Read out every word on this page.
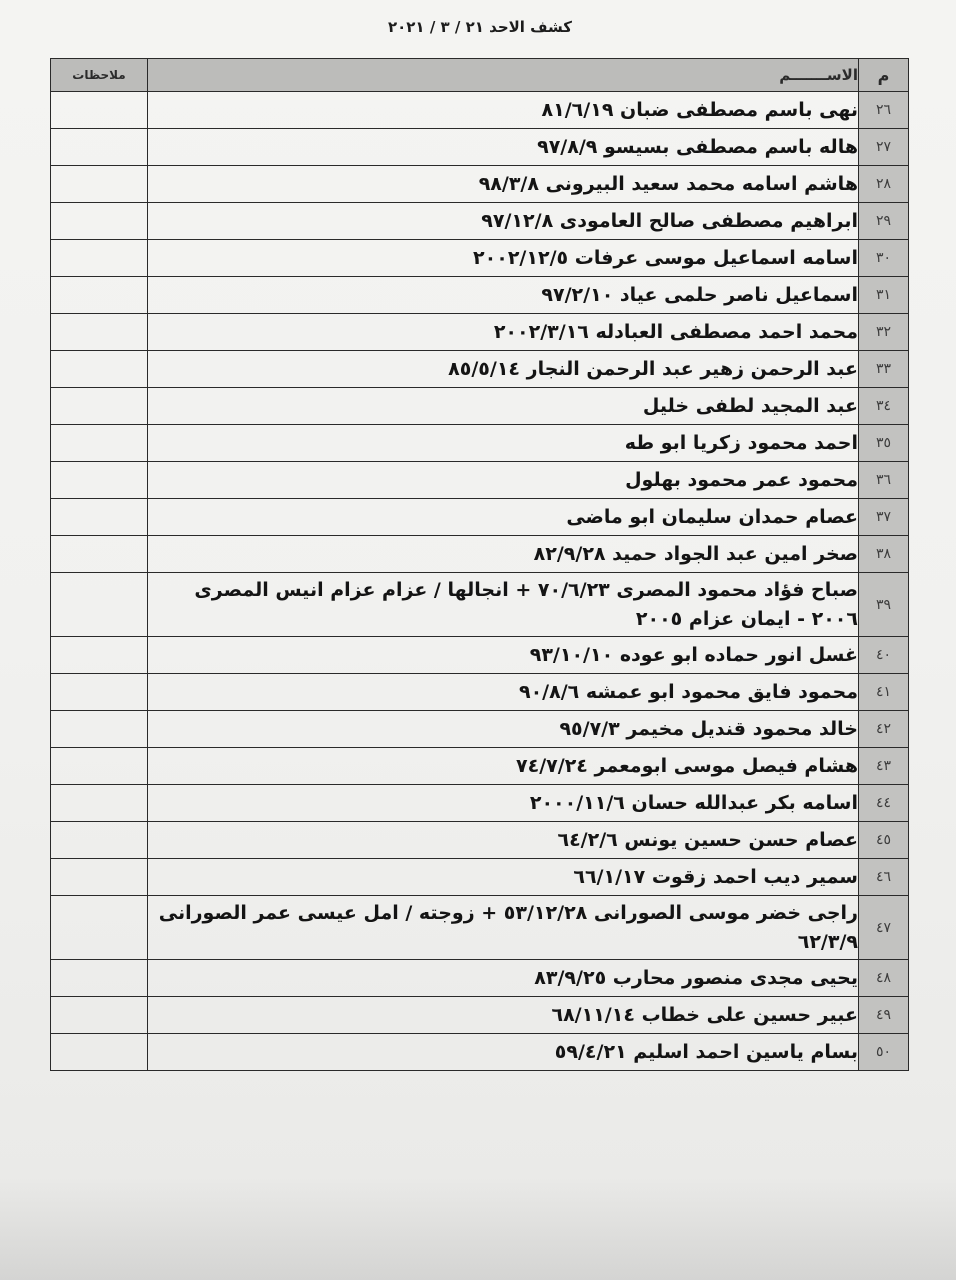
كشف الاحد ٢١ / ٣ / ٢٠٢١
م	الاســـــــم	ملاحظات
٢٦	نهى باسم مصطفى ضبان ٨١/٦/١٩	
٢٧	هاله باسم مصطفى بسيسو ٩٧/٨/٩	
٢٨	هاشم اسامه محمد سعيد البيرونى ٩٨/٣/٨	
٢٩	ابراهيم مصطفى صالح العامودى ٩٧/١٢/٨	
٣٠	اسامه اسماعيل موسى عرفات ٢٠٠٢/١٢/٥	
٣١	اسماعيل ناصر حلمى عياد ٩٧/٢/١٠	
٣٢	محمد احمد مصطفى العبادله ٢٠٠٢/٣/١٦	
٣٣	عبد الرحمن زهير عبد الرحمن النجار ٨٥/٥/١٤	
٣٤	عبد المجيد لطفى خليل	
٣٥	احمد محمود زكريا ابو طه	
٣٦	محمود عمر محمود بهلول	
٣٧	عصام حمدان سليمان ابو ماضى	
٣٨	صخر امين عبد الجواد حميد ٨٢/٩/٢٨	
٣٩	صباح فؤاد محمود المصرى ٧٠/٦/٢٣ + انجالها / عزام عزام انيس المصرى ٢٠٠٦ - ايمان عزام ٢٠٠٥	
٤٠	غسل انور حماده ابو عوده ٩٣/١٠/١٠	
٤١	محمود فايق محمود ابو عمشه ٩٠/٨/٦	
٤٢	خالد محمود قنديل مخيمر ٩٥/٧/٣	
٤٣	هشام فيصل موسى ابومعمر ٧٤/٧/٢٤	
٤٤	اسامه بكر عبدالله حسان ٢٠٠٠/١١/٦	
٤٥	عصام حسن حسين يونس ٦٤/٢/٦	
٤٦	سمير ديب احمد زقوت ٦٦/١/١٧	
٤٧	راجى خضر موسى الصورانى ٥٣/١٢/٢٨ + زوجته / امل عيسى عمر الصورانى ٦٢/٣/٩	
٤٨	يحيى مجدى منصور محارب ٨٣/٩/٢٥	
٤٩	عبير حسين على خطاب ٦٨/١١/١٤	
٥٠	بسام ياسين احمد اسليم ٥٩/٤/٢١	
